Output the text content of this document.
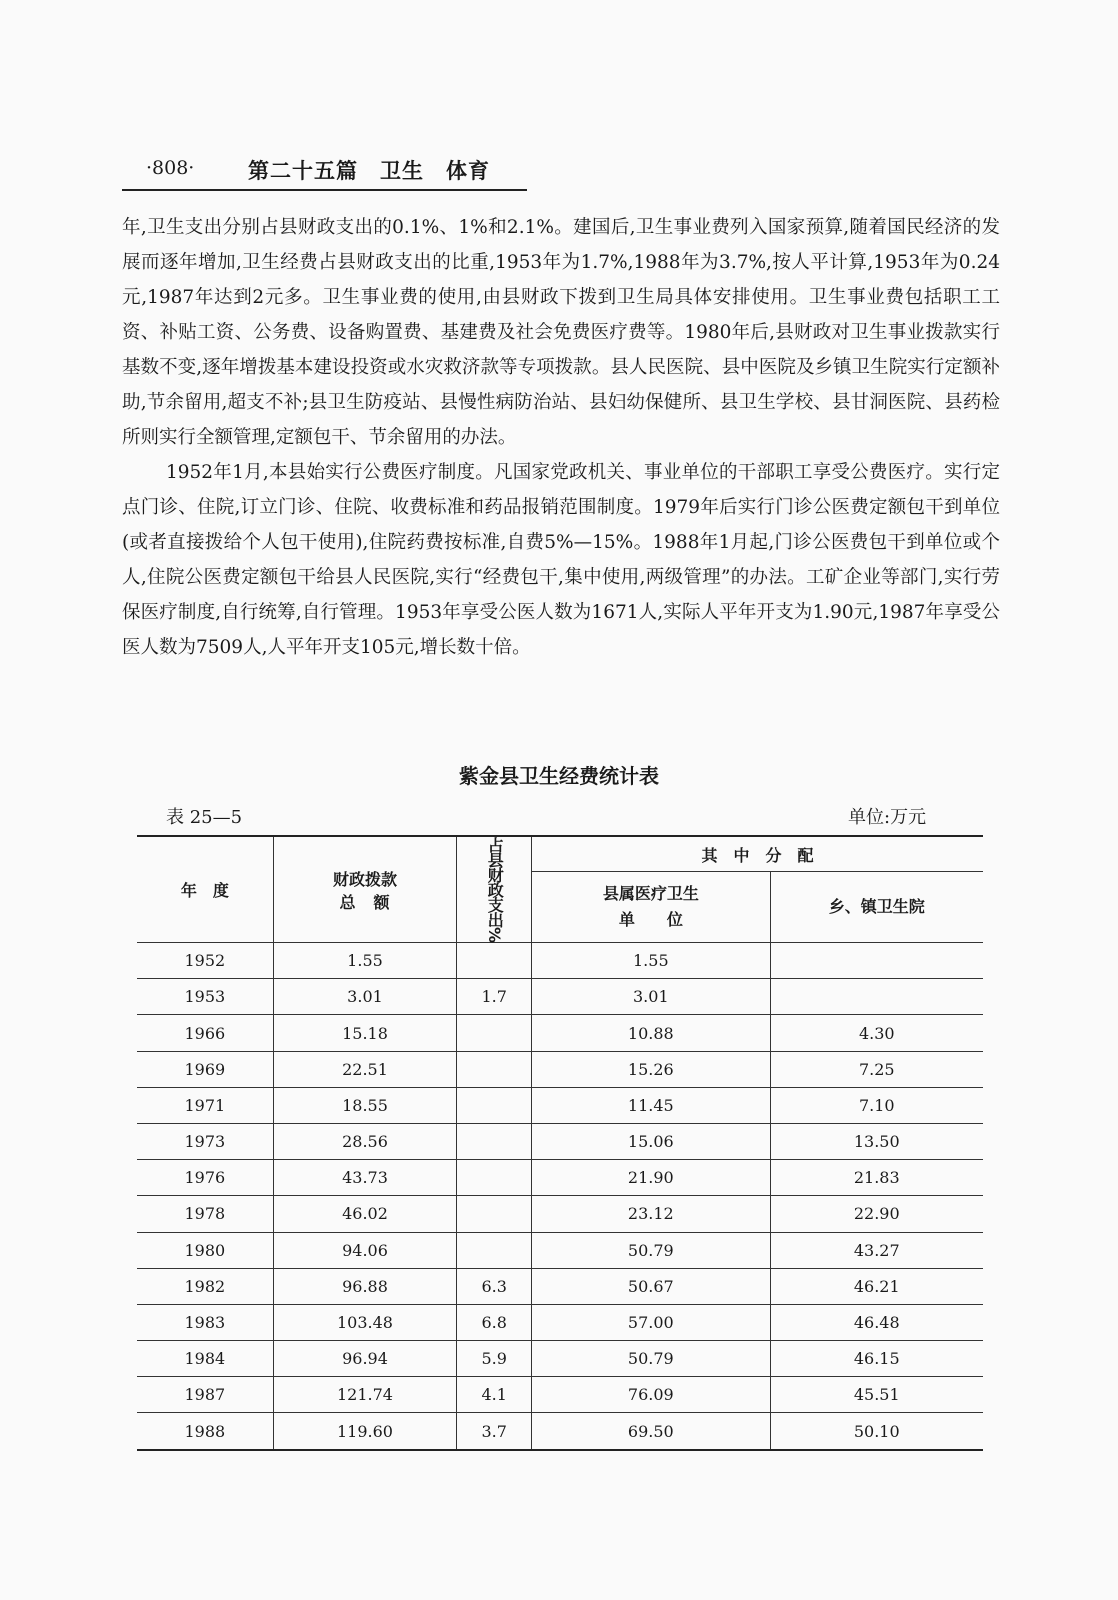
·808·	第二十五篇 卫生 体育

年,卫生支出分别占县财政支出的0.1%、1%和2.1%。建国后,卫生事业费列入国家预算,随着国民经济的发展而逐年增加,卫生经费占县财政支出的比重,1953年为1.7%,1988年为3.7%,按人平计算,1953年为0.24元,1987年达到2元多。卫生事业费的使用,由县财政下拨到卫生局具体安排使用。卫生事业费包括职工工资、补贴工资、公务费、设备购置费、基建费及社会免费医疗费等。1980年后,县财政对卫生事业拨款实行基数不变,逐年增拨基本建设投资或水灾救济款等专项拨款。县人民医院、县中医院及乡镇卫生院实行定额补助,节余留用,超支不补;县卫生防疫站、县慢性病防治站、县妇幼保健所、县卫生学校、县甘洞医院、县药检所则实行全额管理,定额包干、节余留用的办法。

1952年1月,本县始实行公费医疗制度。凡国家党政机关、事业单位的干部职工享受公费医疗。实行定点门诊、住院,订立门诊、住院、收费标准和药品报销范围制度。1979年后实行门诊公医费定额包干到单位(或者直接拨给个人包干使用),住院药费按标准,自费5%—15%。1988年1月起,门诊公医费包干到单位或个人,住院公医费定额包干给县人民医院,实行“经费包干,集中使用,两级管理”的办法。工矿企业等部门,实行劳保医疗制度,自行统筹,自行管理。1953年享受公医人数为1671人,实际人平年开支为1.90元,1987年享受公医人数为7509人,人平年开支105元,增长数十倍。

紫金县卫生经费统计表
表 25—5	单位:万元
年　度	财政拨款
总　额	占县财政支出%	其　中　分　配	

			县属医疗卫生
单　　位	乡、镇卫生院
1952	1.55		1.55	
1953	3.01	1.7	3.01	
1966	15.18		10.88	4.30
1969	22.51		15.26	7.25
1971	18.55		11.45	7.10
1973	28.56		15.06	13.50
1976	43.73		21.90	21.83
1978	46.02		23.12	22.90
1980	94.06		50.79	43.27
1982	96.88	6.3	50.67	46.21
1983	103.48	6.8	57.00	46.48
1984	96.94	5.9	50.79	46.15
1987	121.74	4.1	76.09	45.51
1988	119.60	3.7	69.50	50.10
